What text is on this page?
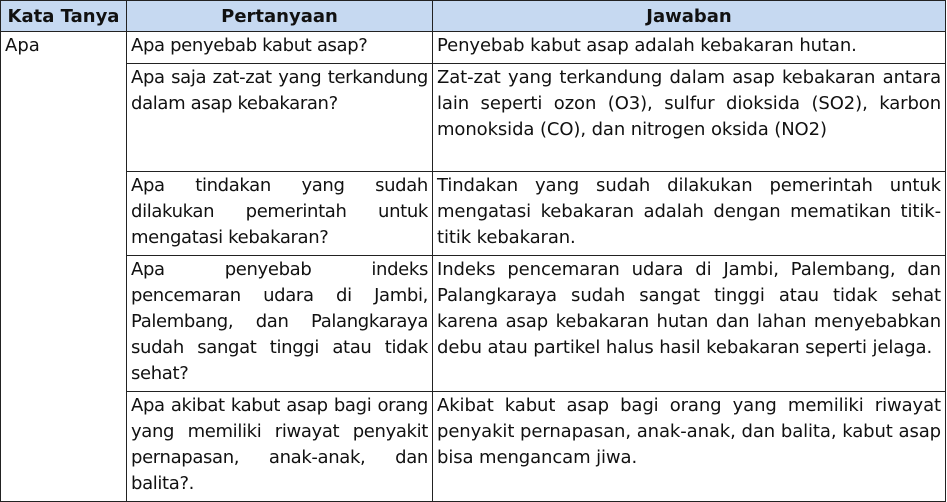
Kata Tanya	Pertanyaan	Jawaban
Apa	Apa penyebab kabut asap?	Penyebab kabut asap adalah kebakaran hutan.
	Apa saja zat-zat yang terkandung dalam asap kebakaran?	Zat-zat yang terkandung dalam asap kebakaran antara lain seperti ozon (O3), sulfur dioksida (SO2), karbon monoksida (CO), dan nitrogen oksida (NO2)
	Apa tindakan yang sudah dilakukan pemerintah untuk mengatasi kebakaran?	Tindakan yang sudah dilakukan pemerintah untuk mengatasi kebakaran adalah dengan mematikan titik-titik kebakaran.
	Apa penyebab indeks pencemaran udara di Jambi, Palembang, dan Palangkaraya sudah sangat tinggi atau tidak sehat?	Indeks pencemaran udara di Jambi, Palembang, dan Palangkaraya sudah sangat tinggi atau tidak sehat karena asap kebakaran hutan dan lahan menyebabkan debu atau partikel halus hasil kebakaran seperti jelaga.
	Apa akibat kabut asap bagi orang yang memiliki riwayat penyakit pernapasan, anak-anak, dan balita?.	Akibat kabut asap bagi orang yang memiliki riwayat penyakit pernapasan, anak-anak, dan balita, kabut asap bisa mengancam jiwa.
